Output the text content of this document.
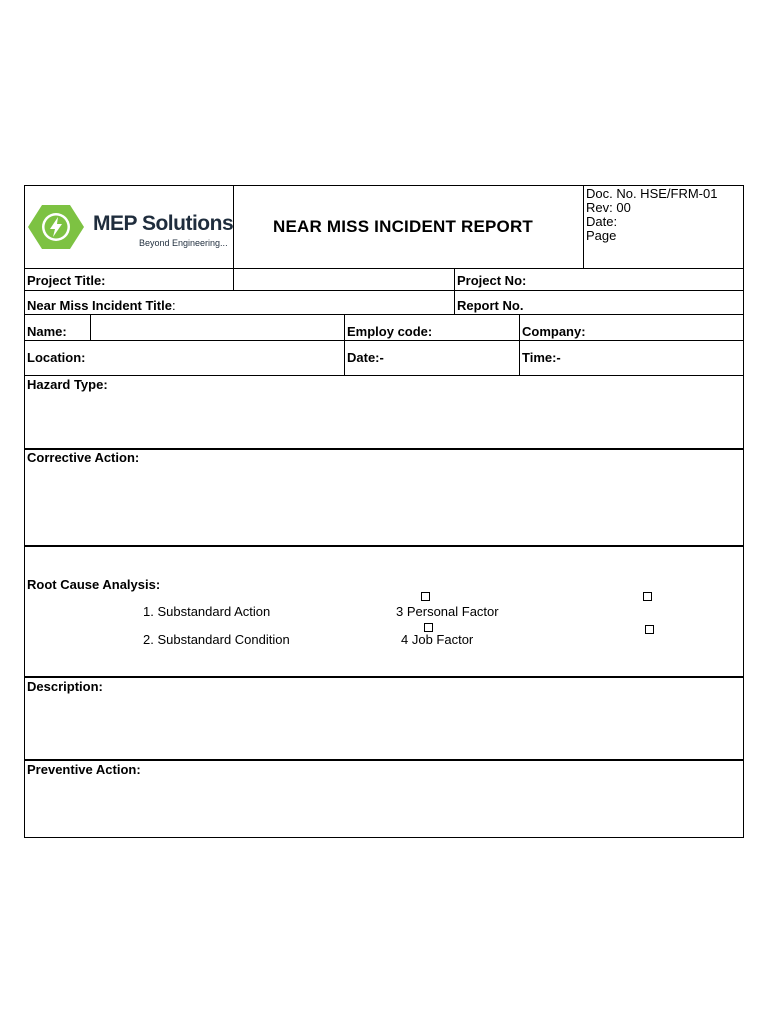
MEP Solutions
Beyond Engineering...
NEAR MISS INCIDENT REPORT
Doc. No. HSE/FRM-01
Rev: 00
Date:
Page
Project Title:	Project No:
Near Miss Incident Title:	Report No.
Name:	Employ code:	Company:
Location:	Date:-	Time:-
Hazard Type:
Corrective Action:
Root Cause Analysis:
1. Substandard Action
2. Substandard Condition
3 Personal Factor
4 Job Factor
Description:
Preventive Action:
